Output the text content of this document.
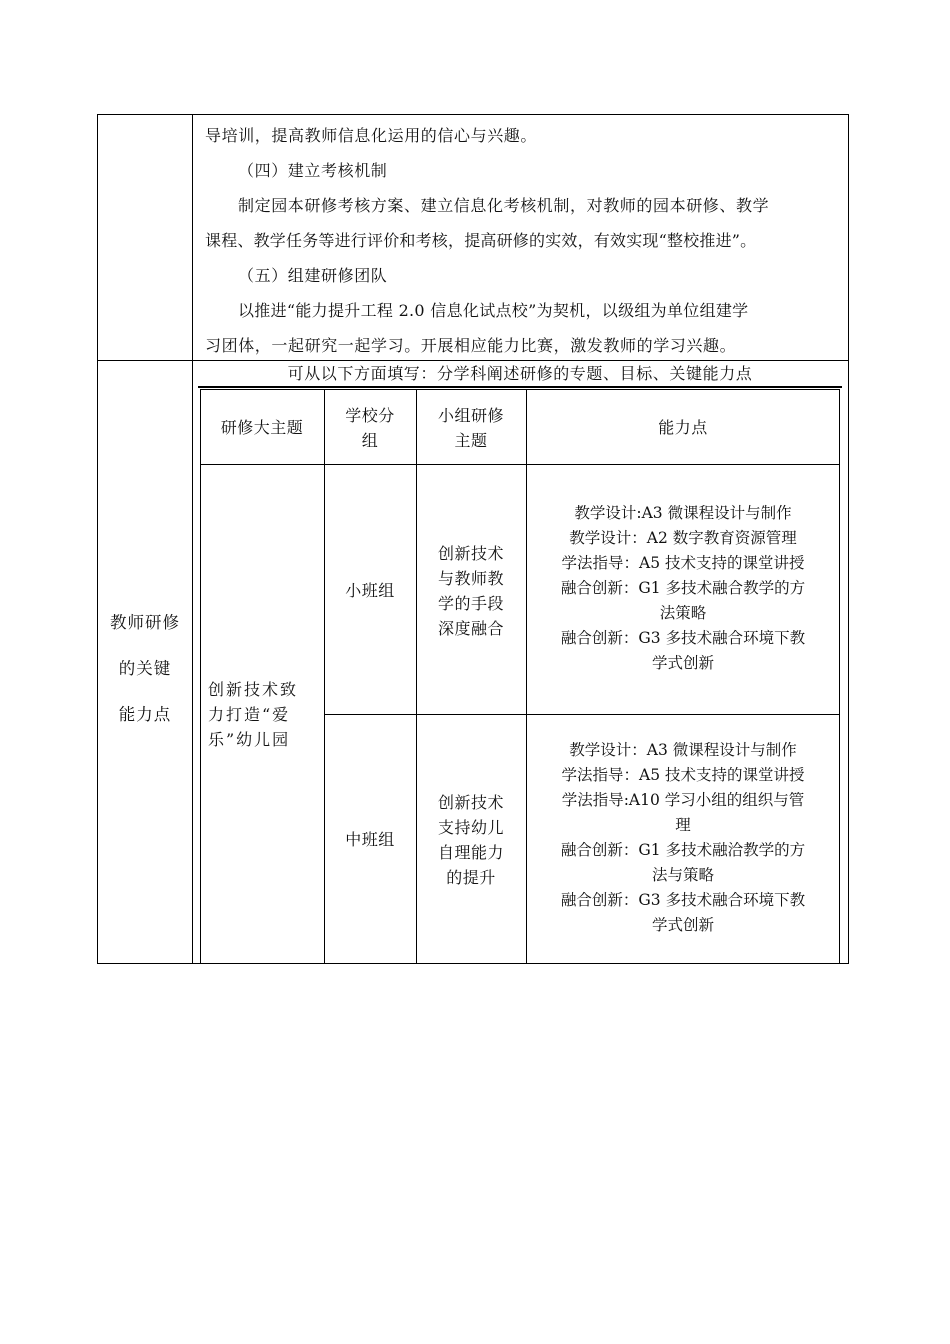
导培训，提高教师信息化运用的信心与兴趣。
（四）建立考核机制
制定园本研修考核方案、建立信息化考核机制，对教师的园本研修、教学
课程、教学任务等进行评价和考核，提高研修的实效，有效实现“整校推进”。
（五）组建研修团队
以推进“能力提升工程 2.0 信息化试点校”为契机，以级组为单位组建学
习团体，一起研究一起学习。开展相应能力比赛，激发教师的学习兴趣。
教师研修
的关键
能力点
可从以下方面填写：分学科阐述研修的专题、目标、关键能力点
研修大主题
学校分
组
小组研修
主题
能力点
创新技术致
力打造“爱
乐”幼儿园
小班组
创新技术
与教师教
学的手段
深度融合
教学设计:A3 微课程设计与制作
教学设计：A2 数字教育资源管理
学法指导：A5 技术支持的课堂讲授
融合创新：G1 多技术融合教学的方
法策略
融合创新：G3 多技术融合环境下教
学式创新
中班组
创新技术
支持幼儿
自理能力
的提升
教学设计：A3 微课程设计与制作
学法指导：A5 技术支持的课堂讲授
学法指导:A10 学习小组的组织与管
理
融合创新：G1 多技术融洽教学的方
法与策略
融合创新：G3 多技术融合环境下教
学式创新
